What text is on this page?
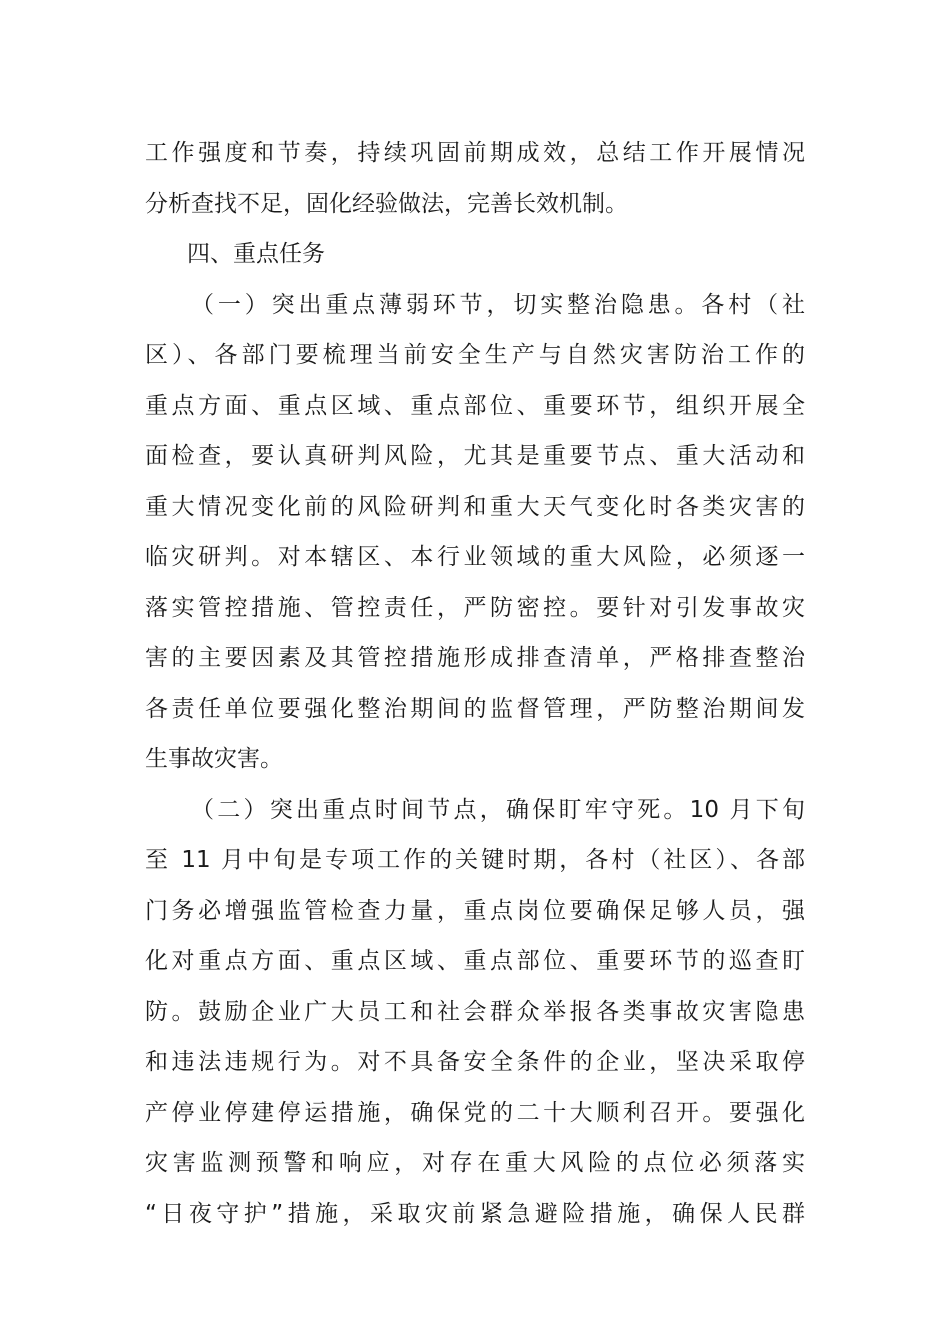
工作强度和节奏，持续巩固前期成效，总结工作开展情况
分析查找不足，固化经验做法，完善长效机制。
四、重点任务
（一）突出重点薄弱环节，切实整治隐患。各村（社
区）、各部门要梳理当前安全生产与自然灾害防治工作的
重点方面、重点区域、重点部位、重要环节，组织开展全
面检查，要认真研判风险，尤其是重要节点、重大活动和
重大情况变化前的风险研判和重大天气变化时各类灾害的
临灾研判。对本辖区、本行业领域的重大风险，必须逐一
落实管控措施、管控责任，严防密控。要针对引发事故灾
害的主要因素及其管控措施形成排查清单，严格排查整治
各责任单位要强化整治期间的监督管理，严防整治期间发
生事故灾害。
（二）突出重点时间节点，确保盯牢守死。10 月下旬
至 11 月中旬是专项工作的关键时期，各村（社区）、各部
门务必增强监管检查力量，重点岗位要确保足够人员，强
化对重点方面、重点区域、重点部位、重要环节的巡查盯
防。鼓励企业广大员工和社会群众举报各类事故灾害隐患
和违法违规行为。对不具备安全条件的企业，坚决采取停
产停业停建停运措施，确保党的二十大顺利召开。要强化
灾害监测预警和响应，对存在重大风险的点位必须落实
“日夜守护”措施，采取灾前紧急避险措施，确保人民群
